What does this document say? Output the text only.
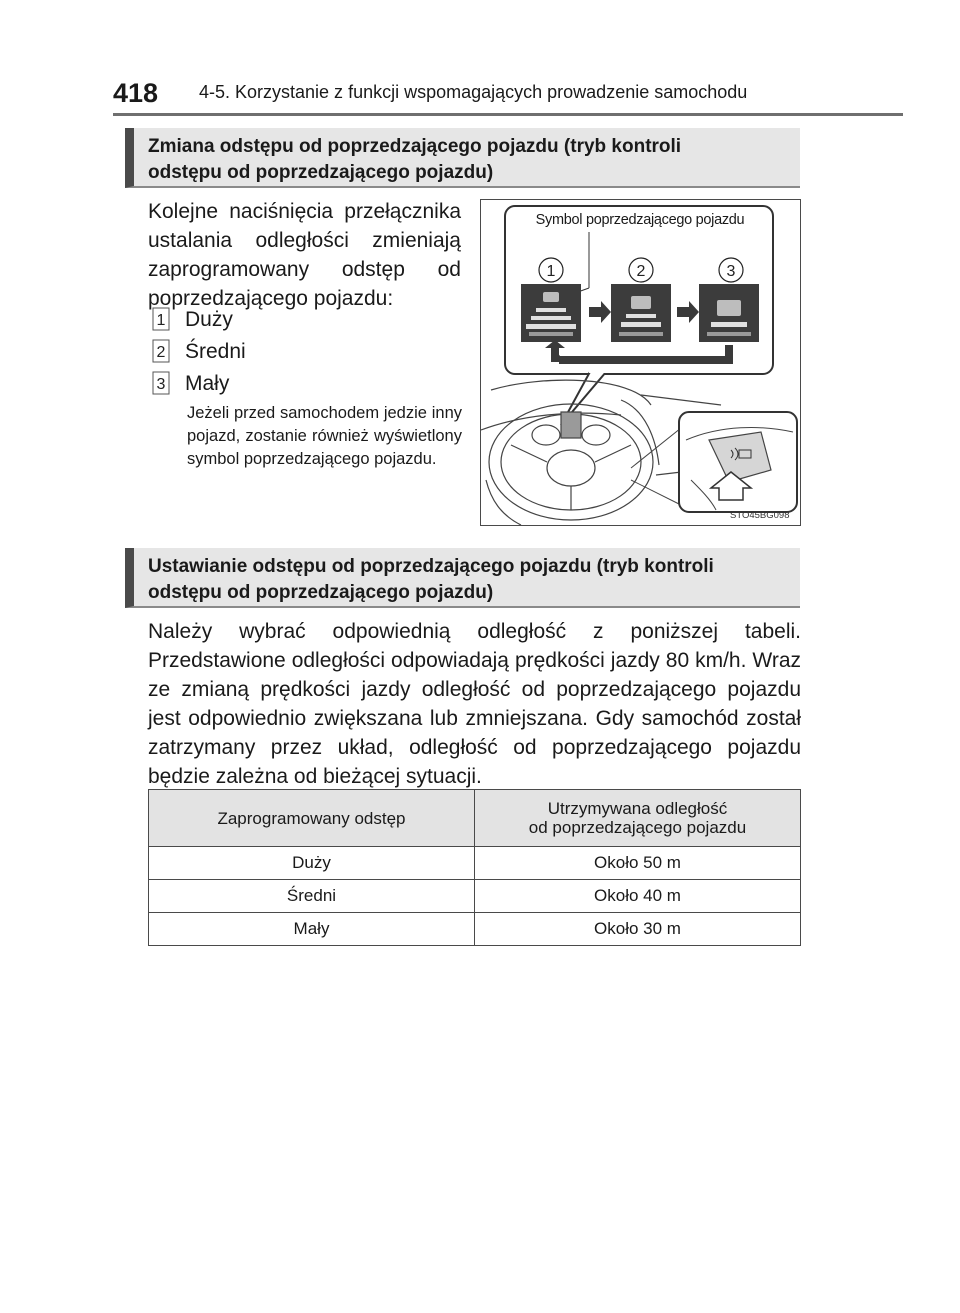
418 4-5. Korzystanie z funkcji wspomagających prowadzenie samochodu
Zmiana odstępu od poprzedzającego pojazdu (tryb kontroli
odstępu od poprzedzającego pojazdu)
Kolejne naciśnięcia przełącznika ustalania odległości zmieniają zaprogramowany odstęp od poprzedzającego pojazdu:
1 Duży
2 Średni
3 Mały
Jeżeli przed samochodem jedzie inny pojazd, zostanie również wyświetlony symbol poprzedzającego pojazdu.
1	2	3
Symbol poprzedzającego pojazdu
STO45BG098
Ustawianie odstępu od poprzedzającego pojazdu (tryb kontroli
odstępu od poprzedzającego pojazdu)
Należy wybrać odpowiednią odległość z poniższej tabeli. Przedstawione odległości odpowiadają prędkości jazdy 80 km/h. Wraz ze zmianą prędkości jazdy odległość od poprzedzającego pojazdu jest odpowiednio zwiększana lub zmniejszana. Gdy samochód został zatrzymany przez układ, odległość od poprzedzającego pojazdu będzie zależna od bieżącej sytuacji.
Zaprogramowany odstęp	Utrzymywana odległość
od poprzedzającego pojazdu

Duży	Około 50 m
Średni	Około 40 m
Mały	Około 30 m
